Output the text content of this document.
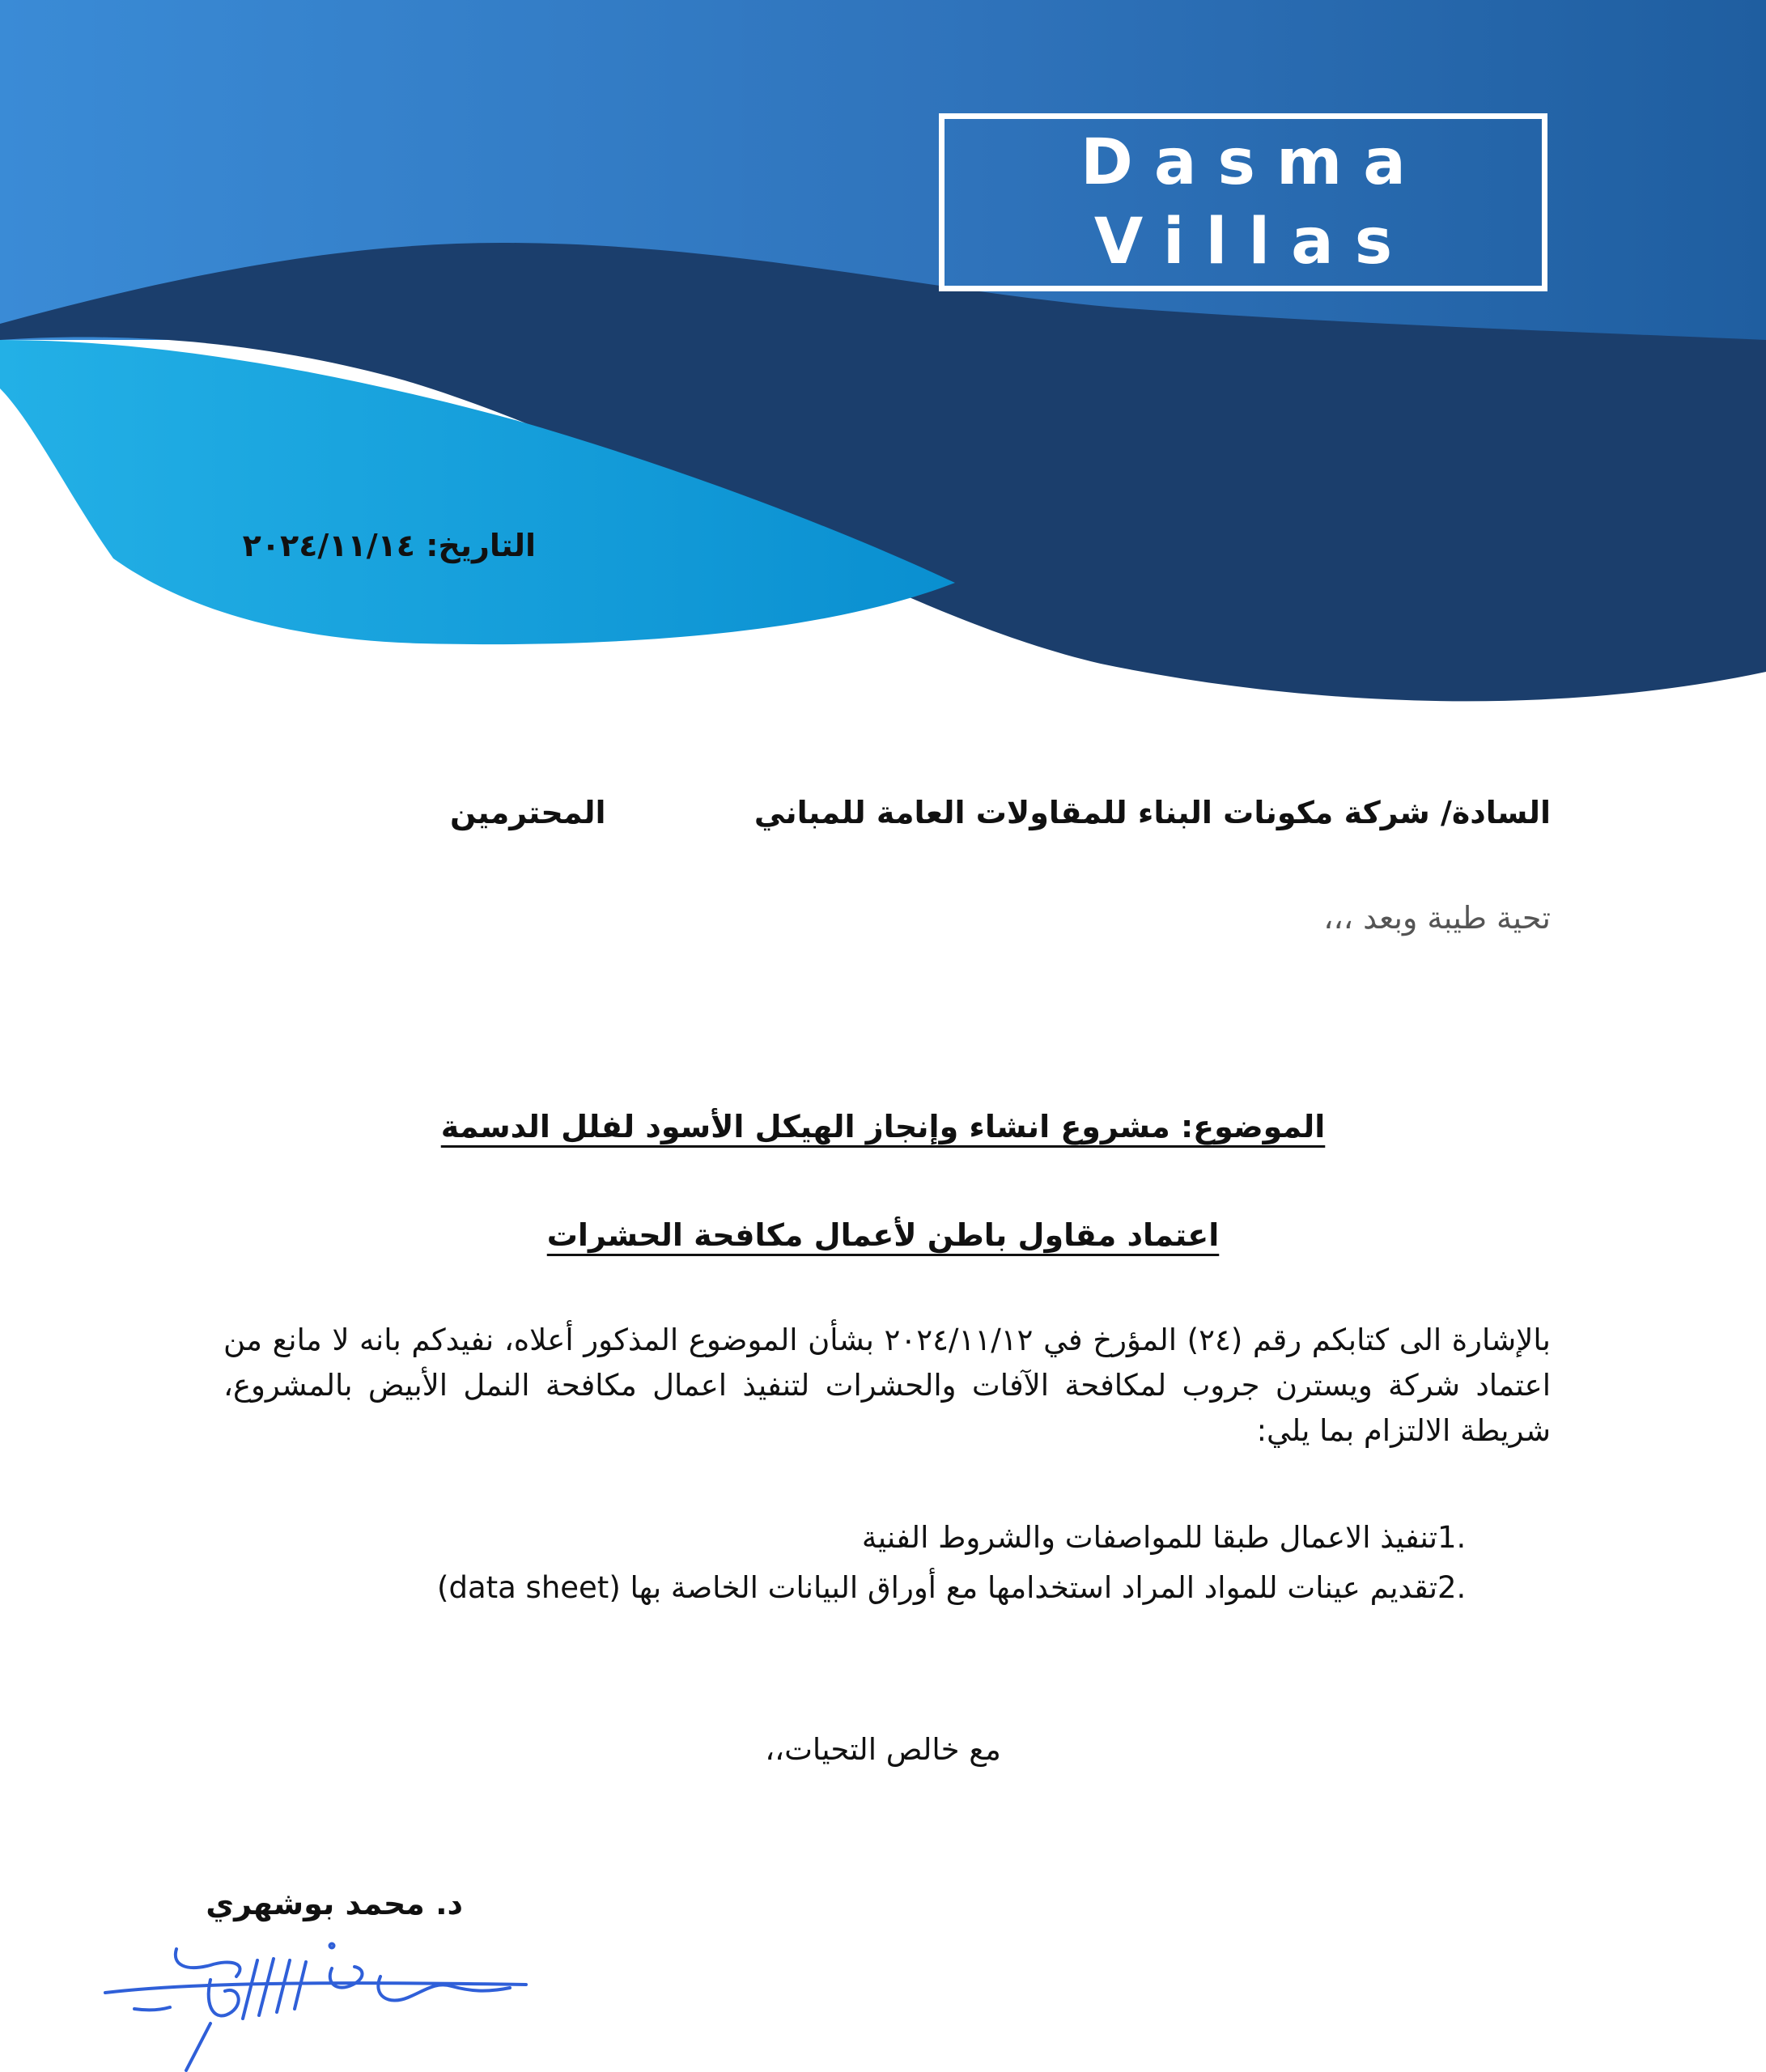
Dasma
Villas
التاريخ: ٢٠٢٤/١١/١٤
السادة/ شركة مكونات البناء للمقاولات العامة للمباني
المحترمين
تحية طيبة وبعد ،،،
الموضوع: مشروع انشاء وإنجاز الهيكل الأسود لفلل الدسمة
اعتماد مقاول باطن لأعمال مكافحة الحشرات
بالإشارة الى كتابكم رقم (٢٤) المؤرخ في ٢٠٢٤/١١/١٢ بشأن الموضوع المذكور أعلاه، نفيدكم بانه لا مانع من اعتماد شركة ويسترن جروب لمكافحة الآفات والحشرات لتنفيذ اعمال مكافحة النمل الأبيض بالمشروع، شريطة الالتزام بما يلي:
1.
تنفيذ الاعمال طبقا للمواصفات والشروط الفنية
2.
تقديم عينات للمواد المراد استخدامها مع أوراق البيانات الخاصة بها (data sheet)
مع خالص التحيات،،
د. محمد بوشهري
